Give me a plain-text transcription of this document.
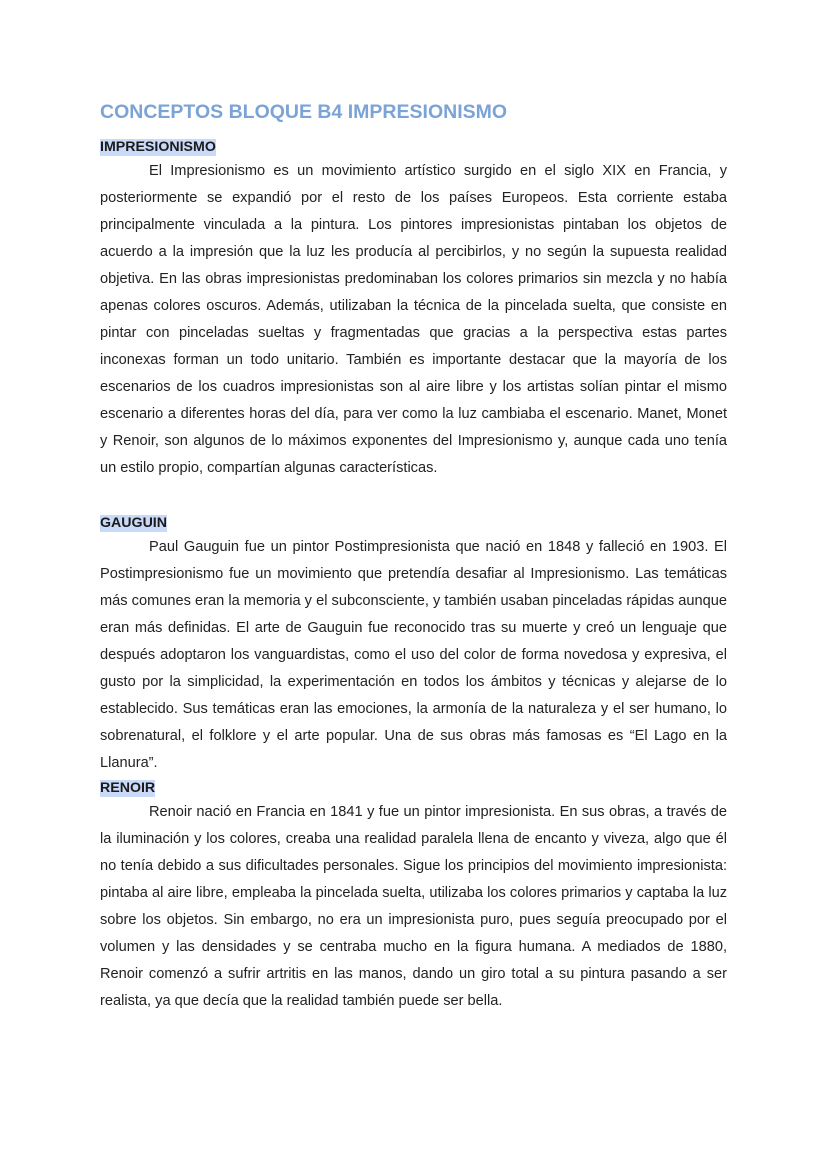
CONCEPTOS BLOQUE B4 IMPRESIONISMO
IMPRESIONISMO

El Impresionismo es un movimiento artístico surgido en el siglo XIX en Francia, y posteriormente se expandió por el resto de los países Europeos. Esta corriente estaba principalmente vinculada a la pintura. Los pintores impresionistas pintaban los objetos de acuerdo a la impresión que la luz les producía al percibirlos, y no según la supuesta realidad objetiva. En las obras impresionistas predominaban los colores primarios sin mezcla y no había apenas colores oscuros. Además, utilizaban la técnica de la pincelada suelta, que consiste en pintar con pinceladas sueltas y fragmentadas que gracias a la perspectiva estas partes inconexas forman un todo unitario. También es importante destacar que la mayoría de los escenarios de los cuadros impresionistas son al aire libre y los artistas solían pintar el mismo escenario a diferentes horas del día, para ver como la luz cambiaba el escenario. Manet, Monet y Renoir, son algunos de lo máximos exponentes del Impresionismo y, aunque cada uno tenía un estilo propio, compartían algunas características.

GAUGUIN

Paul Gauguin fue un pintor Postimpresionista que nació en 1848 y falleció en 1903. El Postimpresionismo fue un movimiento que pretendía desafiar al Impresionismo. Las temáticas más comunes eran la memoria y el subconsciente, y también usaban pinceladas rápidas aunque eran más definidas. El arte de Gauguin fue reconocido tras su muerte y creó un lenguaje que después adoptaron los vanguardistas, como el uso del color de forma novedosa y expresiva, el gusto por la simplicidad, la experimentación en todos los ámbitos y técnicas y alejarse de lo establecido. Sus temáticas eran las emociones, la armonía de la naturaleza y el ser humano, lo sobrenatural, el folklore y el arte popular. Una de sus obras más famosas es “El Lago en la Llanura”.

RENOIR

Renoir nació en Francia en 1841 y fue un pintor impresionista. En sus obras, a través de la iluminación y los colores, creaba una realidad paralela llena de encanto y viveza, algo que él no tenía debido a sus dificultades personales. Sigue los principios del movimiento impresionista: pintaba al aire libre, empleaba la pincelada suelta, utilizaba los colores primarios y captaba la luz sobre los objetos. Sin embargo, no era un impresionista puro, pues seguía preocupado por el volumen y las densidades y se centraba mucho en la figura humana. A mediados de 1880, Renoir comenzó a sufrir artritis en las manos, dando un giro total a su pintura pasando a ser realista, ya que decía que la realidad también puede ser bella.
